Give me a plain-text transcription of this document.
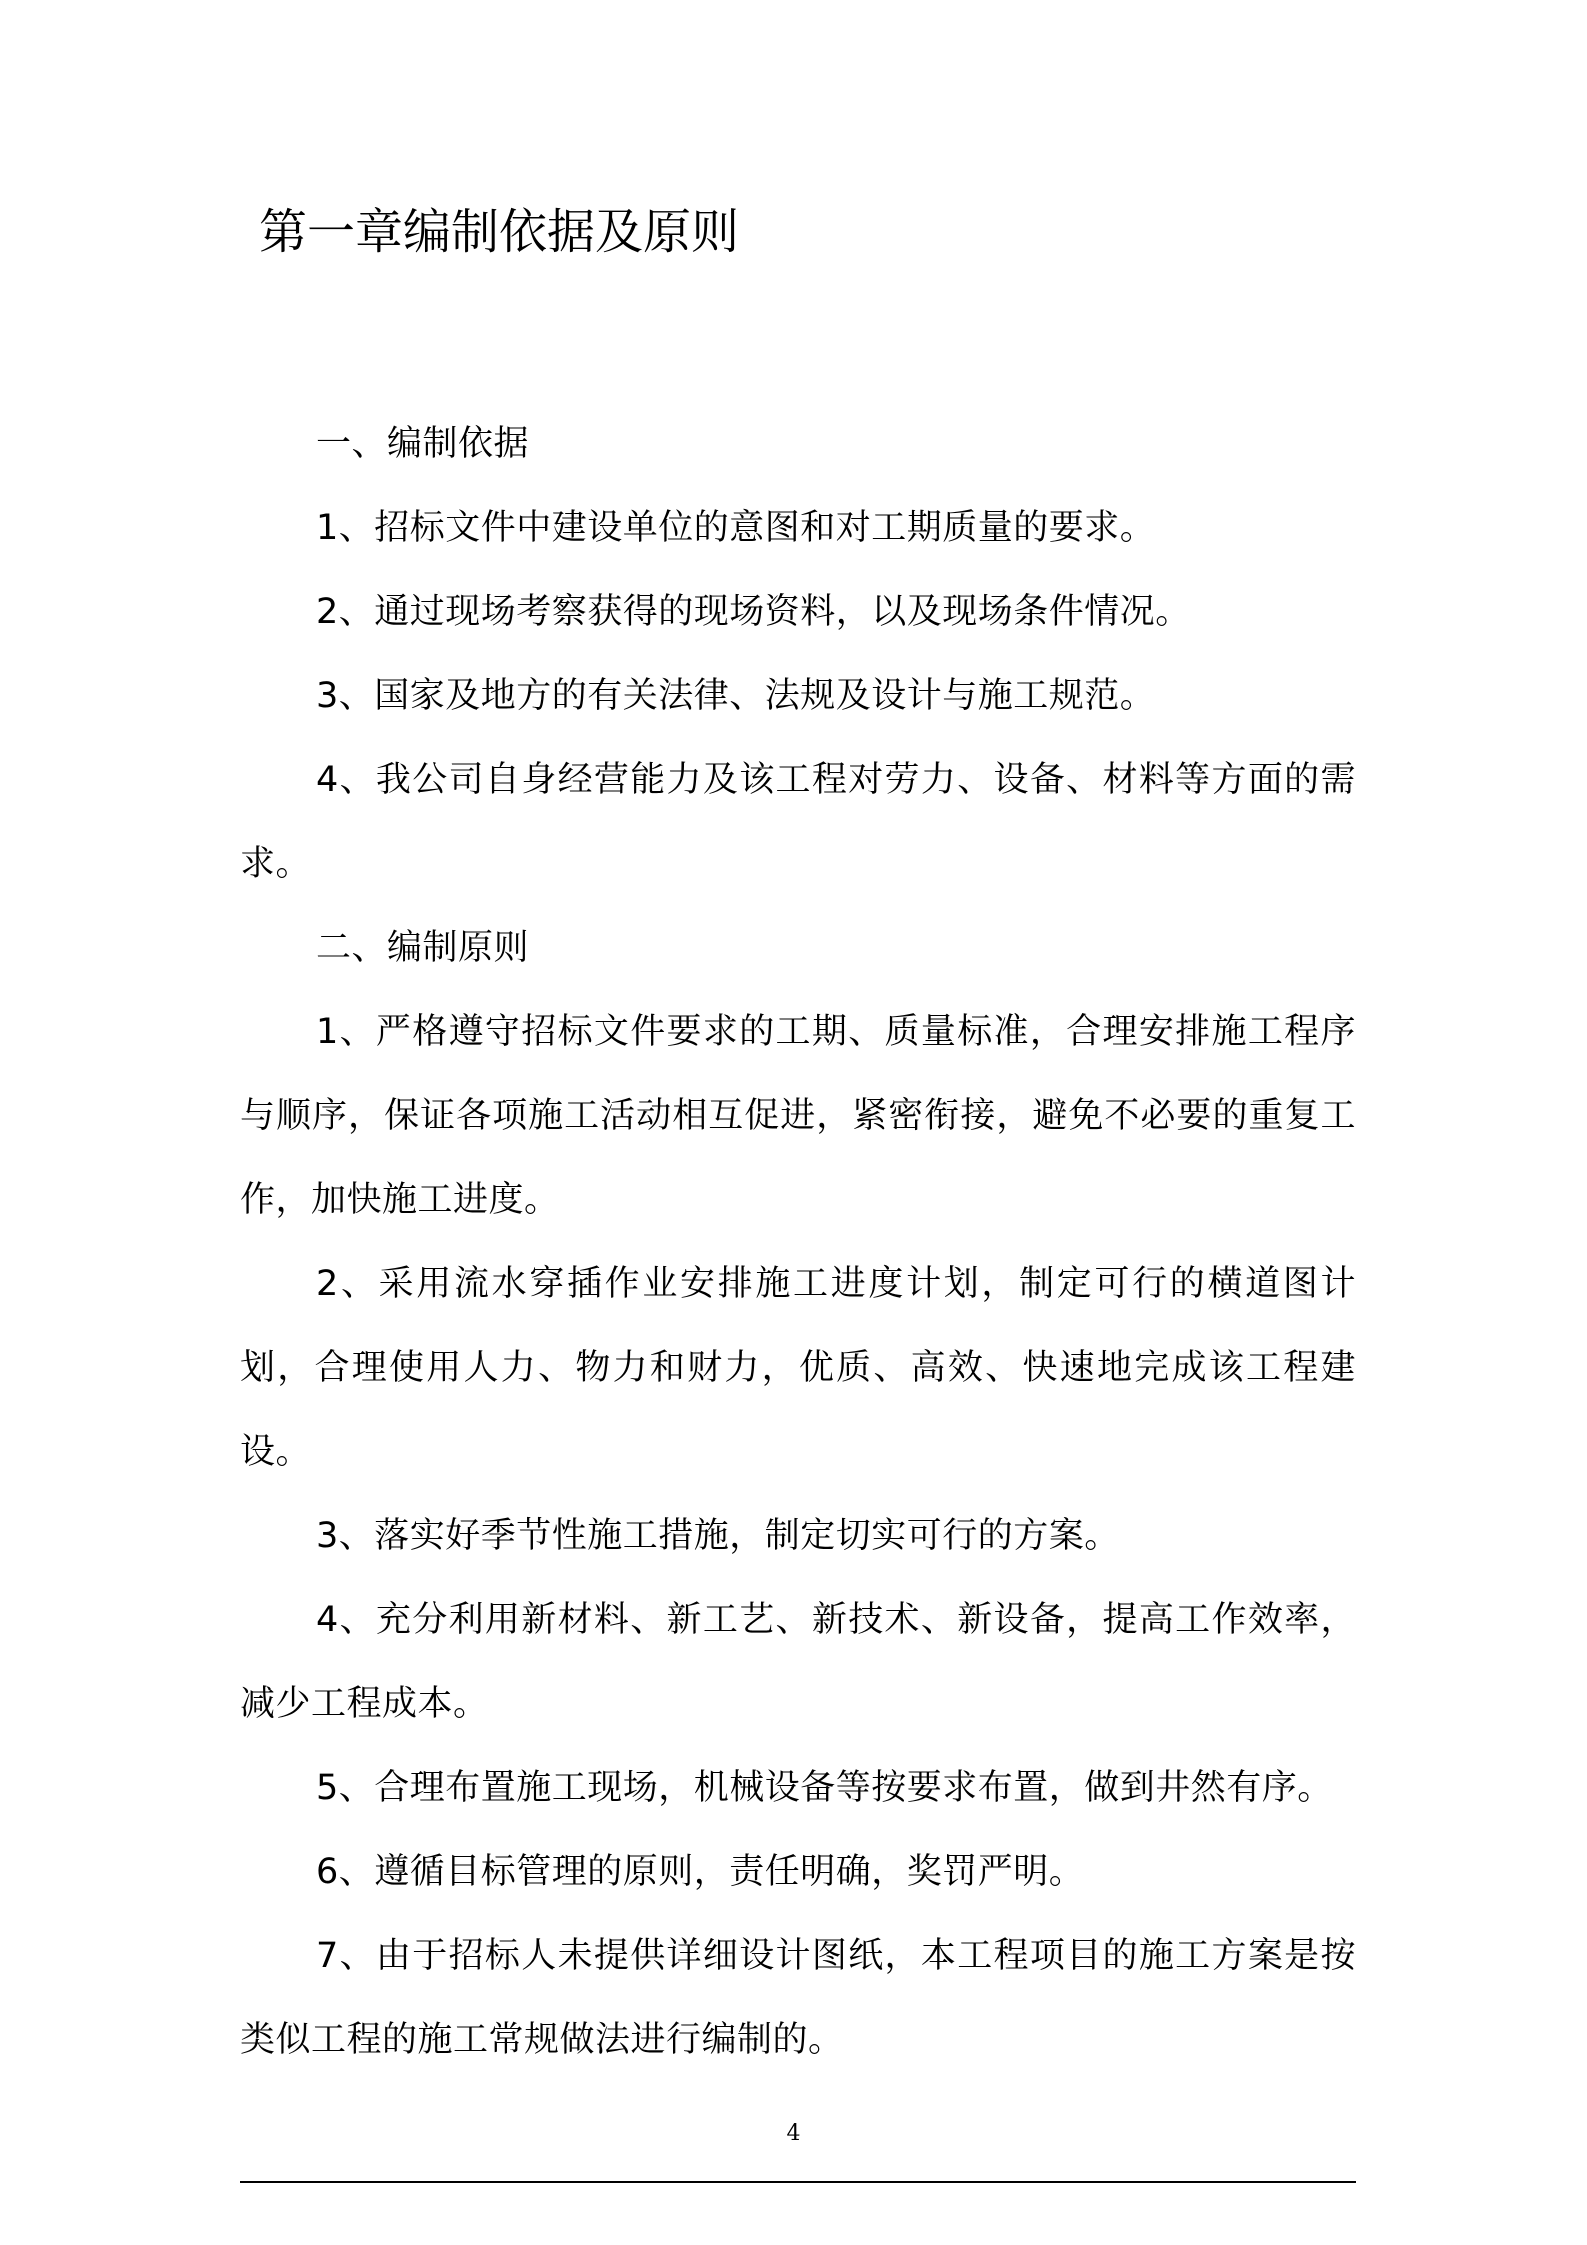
第一章编制依据及原则

一、编制依据

1、招标文件中建设单位的意图和对工期质量的要求。

2、通过现场考察获得的现场资料，以及现场条件情况。

3、国家及地方的有关法律、法规及设计与施工规范。

4、我公司自身经营能力及该工程对劳力、设备、材料等方面的需求。

二、编制原则

1、严格遵守招标文件要求的工期、质量标准，合理安排施工程序与顺序，保证各项施工活动相互促进，紧密衔接，避免不必要的重复工作，加快施工进度。

2、采用流水穿插作业安排施工进度计划，制定可行的横道图计划，合理使用人力、物力和财力，优质、高效、快速地完成该工程建设。

3、落实好季节性施工措施，制定切实可行的方案。

4、充分利用新材料、新工艺、新技术、新设备，提高工作效率，减少工程成本。

5、合理布置施工现场，机械设备等按要求布置，做到井然有序。

6、遵循目标管理的原则，责任明确，奖罚严明。

7、由于招标人未提供详细设计图纸，本工程项目的施工方案是按类似工程的施工常规做法进行编制的。

4
